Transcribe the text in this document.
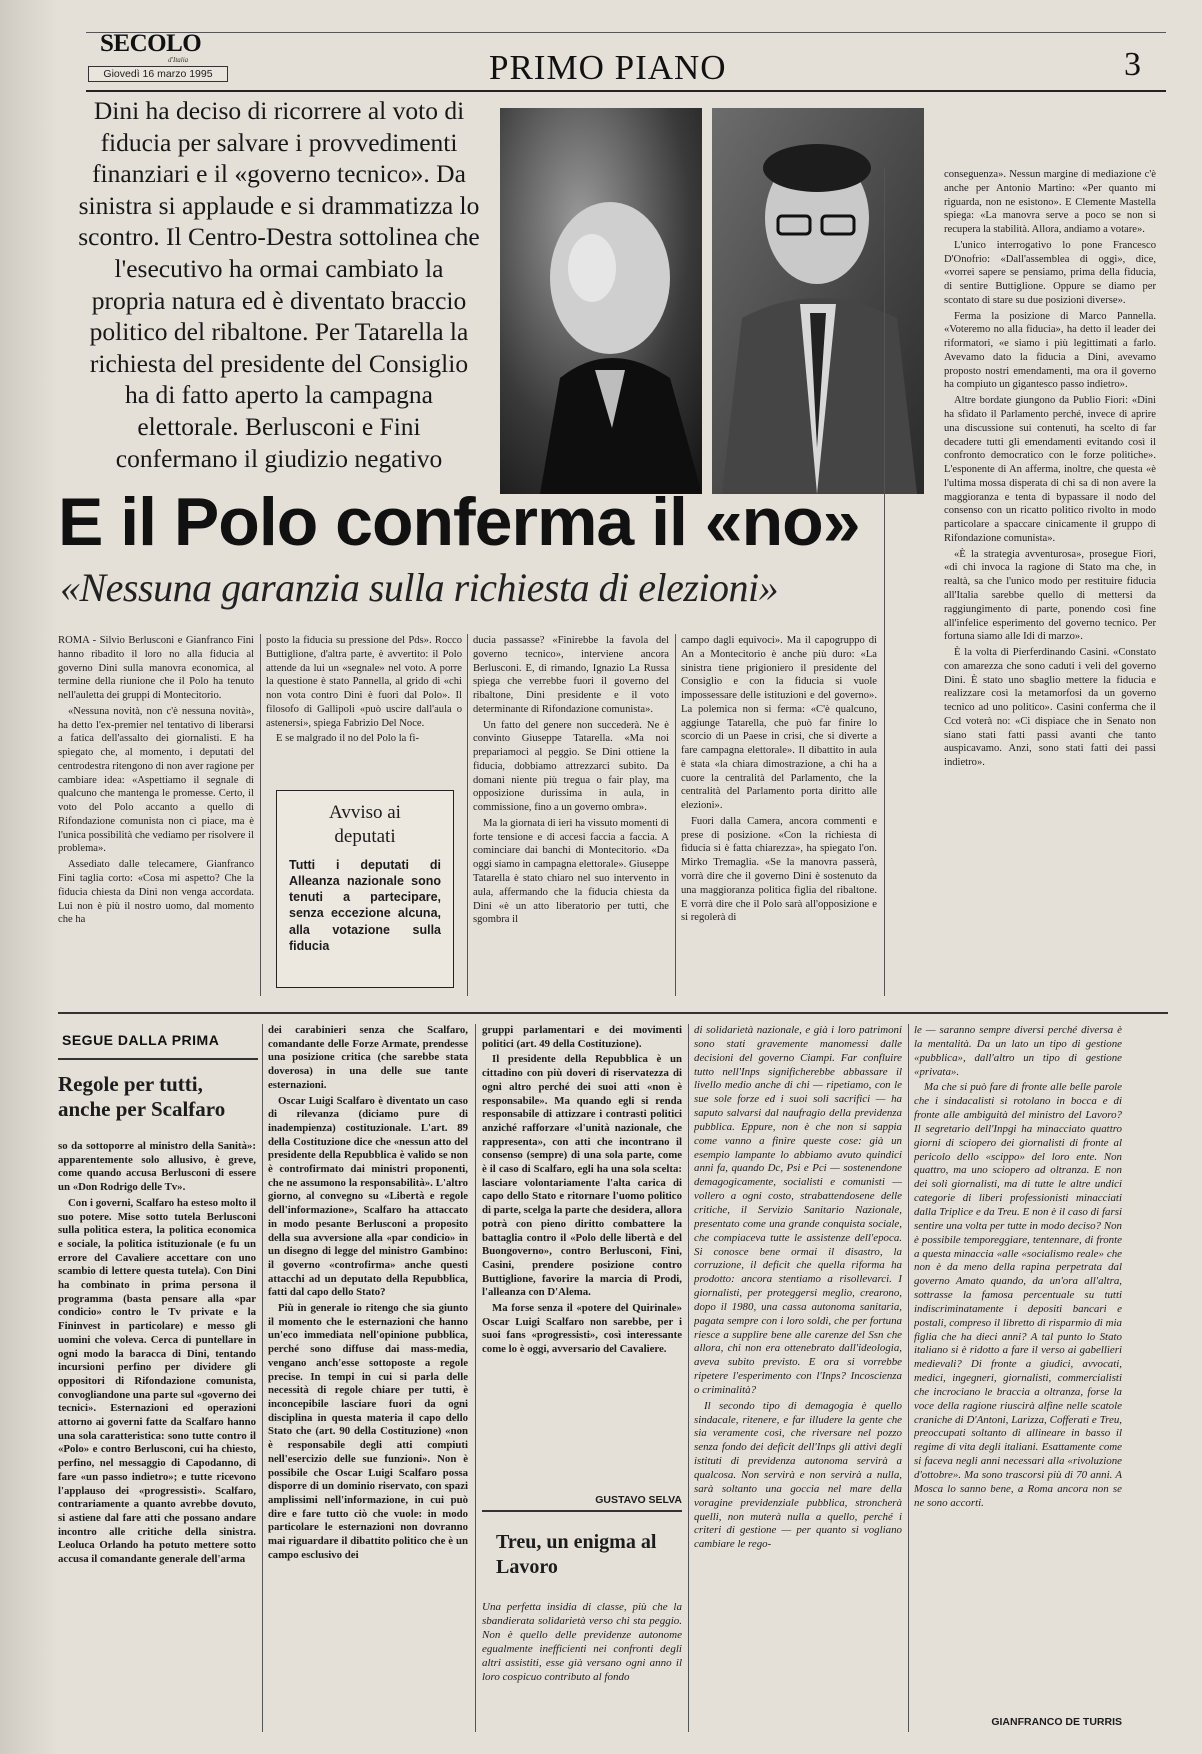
SECOLO
d'Italia
Giovedì 16 marzo 1995	PRIMO PIANO	3
Dini ha deciso di ricorrere al voto di fiducia per salvare i provvedimenti finanziari e il «governo tecnico». Da sinistra si applaude e si drammatizza lo scontro. Il Centro-Destra sottolinea che l'esecutivo ha ormai cambiato la propria natura ed è diventato braccio politico del ribaltone. Per Tatarella la richiesta del presidente del Consiglio ha di fatto aperto la campagna elettorale. Berlusconi e Fini confermano il giudizio negativo
E il Polo conferma il «no»
«Nessuna garanzia sulla richiesta di elezioni»

ROMA - Silvio Berlusconi e Gianfranco Fini hanno ribadito il loro no alla fiducia al governo Dini sulla manovra economica, al termine della riunione che il Polo ha tenuto nell'auletta dei gruppi di Montecitorio.

«Nessuna novità, non c'è nessuna novità», ha detto l'ex-premier nel tentativo di liberarsi a fatica dell'assalto dei giornalisti. E ha spiegato che, al momento, i deputati del centrodestra ritengono di non aver ragione per cambiare idea: «Aspettiamo il segnale di qualcuno che mantenga le promesse. Certo, il voto del Polo accanto a quello di Rifondazione comunista non ci piace, ma è l'unica possibilità che vediamo per risolvere il problema».

Assediato dalle telecamere, Gianfranco Fini taglia corto: «Cosa mi aspetto? Che la fiducia chiesta da Dini non venga accordata. Lui non è più il nostro uomo, dal momento che ha

posto la fiducia su pressione del Pds». Rocco Buttiglione, d'altra parte, è avvertito: il Polo attende da lui un «segnale» nel voto. A porre la questione è stato Pannella, al grido di «chi non vota contro Dini è fuori dal Polo». Il filosofo di Gallipoli «può uscire dall'aula o astenersi», spiega Fabrizio Del Noce.

E se malgrado il no del Polo la fi-

Avviso ai deputati
Tutti i deputati di Alleanza nazionale sono tenuti a partecipare, senza eccezione alcuna, alla votazione sulla fiducia

ducia passasse? «Finirebbe la favola del governo tecnico», interviene ancora Berlusconi. E, di rimando, Ignazio La Russa spiega che verrebbe fuori il governo del ribaltone, Dini presidente e il voto determinante di Rifondazione comunista».

Un fatto del genere non succederà. Ne è convinto Giuseppe Tatarella. «Ma noi prepariamoci al peggio. Se Dini ottiene la fiducia, dobbiamo attrezzarci subito. Da domani niente più tregua o fair play, ma opposizione durissima in aula, in commissione, fino a un governo ombra».

Ma la giornata di ieri ha vissuto momenti di forte tensione e di accesi faccia a faccia. A cominciare dai banchi di Montecitorio. «Da oggi siamo in campagna elettorale». Giuseppe Tatarella è stato chiaro nel suo intervento in aula, affermando che la fiducia chiesta da Dini «è un atto liberatorio per tutti, che sgombra il

campo dagli equivoci». Ma il capogruppo di An a Montecitorio è anche più duro: «La sinistra tiene prigioniero il presidente del Consiglio e con la fiducia si vuole impossessare delle istituzioni e del governo». La polemica non si ferma: «C'è qualcuno, aggiunge Tatarella, che può far finire lo scorcio di un Paese in crisi, che si diverte a fare campagna elettorale». Il dibattito in aula è stata «la chiara dimostrazione, a chi ha a cuore la centralità del Parlamento, che la centralità del Parlamento porta diritto alle elezioni».

Fuori dalla Camera, ancora commenti e prese di posizione. «Con la richiesta di fiducia si è fatta chiarezza», ha spiegato l'on. Mirko Tremaglia. «Se la manovra passerà, vorrà dire che il governo Dini è sostenuto da una maggioranza politica figlia del ribaltone. E vorrà dire che il Polo sarà all'opposizione e si regolerà di

conseguenza». Nessun margine di mediazione c'è anche per Antonio Martino: «Per quanto mi riguarda, non ne esistono». E Clemente Mastella spiega: «La manovra serve a poco se non si recupera la stabilità. Allora, andiamo a votare».

L'unico interrogativo lo pone Francesco D'Onofrio: «Dall'assemblea di oggi», dice, «vorrei sapere se pensiamo, prima della fiducia, di sentire Buttiglione. Oppure se diamo per scontato di stare su due posizioni diverse».

Ferma la posizione di Marco Pannella. «Voteremo no alla fiducia», ha detto il leader dei riformatori, «e siamo i più legittimati a farlo. Avevamo dato la fiducia a Dini, avevamo proposto nostri emendamenti, ma ora il governo ha compiuto un gigantesco passo indietro».

Altre bordate giungono da Publio Fiori: «Dini ha sfidato il Parlamento perché, invece di aprire una discussione sui contenuti, ha scelto di far decadere tutti gli emendamenti evitando così il confronto democratico con le forze politiche». L'esponente di An afferma, inoltre, che questa «è l'ultima mossa disperata di chi sa di non avere la maggioranza e tenta di bypassare il nodo del consenso con un ricatto politico rivolto in modo particolare a spaccare cinicamente il gruppo di Rifondazione comunista».

«È la strategia avventurosa», prosegue Fiori, «di chi invoca la ragione di Stato ma che, in realtà, sa che l'unico modo per restituire fiducia all'Italia sarebbe quello di mettersi da raggiungimento di parte, ponendo così fine all'infelice esperimento del governo tecnico. Per fortuna siamo alle Idi di marzo».

È la volta di Pierferdinando Casini. «Constato con amarezza che sono caduti i veli del governo Dini. È stato uno sbaglio mettere la fiducia e realizzare così la metamorfosi da un governo tecnico ad uno politico». Casini conferma che il Ccd voterà no: «Ci dispiace che in Senato non siano stati fatti passi avanti che tanto auspicavamo. Anzi, sono stati fatti dei passi indietro».

SEGUE DALLA PRIMA
Regole per tutti, anche per Scalfaro

so da sottoporre al ministro della Sanità»: apparentemente solo allusivo, è greve, come quando accusa Berlusconi di essere un «Don Rodrigo delle Tv».

Con i governi, Scalfaro ha esteso molto il suo potere. Mise sotto tutela Berlusconi sulla politica estera, la politica economica e sociale, la politica istituzionale (e fu un errore del Cavaliere accettare con uno scambio di lettere questa tutela). Con Dini ha combinato in prima persona il programma (basta pensare alla «par condicio» contro le Tv private e la Fininvest in particolare) e messo gli uomini che volevа. Cerca di puntellare in ogni modo la baracca di Dini, tentando incursioni perfino per dividere gli oppositori di Rifondazione comunista, convogliandone una parte sul «governo dei tecnici». Esternazioni ed operazioni attorno ai governi fatte da Scalfaro hanno una sola caratteristica: sono tutte contro il «Polo» e contro Berlusconi, cui ha chiesto, perfino, nel messaggio di Capodanno, di fare «un passo indietro»; e tutte ricevono l'applauso dei «progressisti». Scalfaro, contrariamente a quanto avrebbe dovuto, si astiene dal fare atti che possano andare incontro alle critiche della sinistra. Leoluca Orlando ha potuto mettere sotto accusa il comandante generale dell'arma

dei carabinieri senza che Scalfaro, comandante delle Forze Armate, prendesse una posizione critica (che sarebbe stata doverosa) in una delle sue tante esternazioni.

Oscar Luigi Scalfaro è diventato un caso di rilevanza (diciamo pure di inadempienza) costituzionale. L'art. 89 della Costituzione dice che «nessun atto del presidente della Repubblica è valido se non è controfirmato dai ministri proponenti, che ne assumono la responsabilità». L'altro giorno, al convegno su «Libertà e regole dell'informazione», Scalfaro ha attaccato in modo pesante Berlusconi a proposito della sua avversione alla «par condicio» in un disegno di legge del ministro Gambino: il governo «controfirma» anche questi attacchi ad un deputato della Repubblica, fatti dal capo dello Stato?

Più in generale io ritengo che sia giunto il momento che le esternazioni che hanno un'eco immediata nell'opinione pubblica, perché sono diffuse dai mass-media, vengano anch'esse sottoposte a regole precise. In tempi in cui si parla delle necessità di regole chiare per tutti, è inconcepibile lasciare fuori da ogni disciplina in questa materia il capo dello Stato che (art. 90 della Costituzione) «non è responsabile degli atti compiuti nell'esercizio delle sue funzioni». Non è possibile che Oscar Luigi Scalfaro possa disporre di un dominio riservato, con spazi amplissimi nell'informazione, in cui può dire e fare tutto ciò che vuole: in modo particolare le esternazioni non dovrannо mai riguardare il dibattito politico che è un campo esclusivo dei

gruppi parlamentari e dei movimenti politici (art. 49 della Costituzione).

Il presidente della Repubblica è un cittadino con più doveri di riservatezza di ogni altro perché dei suoi atti «non è responsabile». Ma quando egli si renda responsabile di attizzare i contrasti politici anziché rafforzare «l'unità nazionale, che rappresenta», con atti che incontrano il consenso (sempre) di una sola parte, come è il caso di Scalfaro, egli ha una sola scelta: lasciare volontariamente l'alta carica di capo dello Stato e ritornare l'uomo politico di parte, scelga la parte che desidera, allora potrà con pieno diritto combattere la battaglia contro il «Polo delle libertà e del Buongoverno», contro Berlusconi, Fini, Casini, prendere posizione contro Buttiglione, favorire la marcia di Prodi, l'alleanza con D'Alema.

Ma forse senza il «potere del Quirinale» Oscar Luigi Scalfaro non sarebbe, per i suoi fans «progressisti», così interessante come lo è oggi, avversario del Cavaliere.

GUSTAVO SELVA
Treu, un enigma al Lavoro

Una perfetta insidia di classe, più che la sbandierata solidarietà verso chi sta peggio. Non è quello delle previdenze autonome egualmente inefficienti nei confronti degli altri assistiti, esse già versano ogni anno il loro cospicuo contributo al fondo

di solidarietà nazionale, e già i loro patrimoni sono stati gravemente manomessi dalle decisioni del governo Ciampi. Far confluire tutto nell'Inps significherebbe abbassare il livello medio anche di chi — ripetiamo, con le sue sole forze ed i suoi soli sacrifici — ha saputo salvarsi dal naufragio della previdenza pubblica. Eppure, non è che non si sappia come vanno a finire queste cose: già un esempio lampante lo abbiamo avuto quindici anni fa, quando Dc, Psi e Pci — sostenendone demagogicamente, socialisti e comunisti — vollero a ogni costo, strabattendosene delle critiche, il Servizio Sanitario Nazionale, presentato come una grande conquista sociale, che compiaceva tutte le assistenze dell'epoca. Si conosce bene ormai il disastro, la corruzione, il deficit che quella riforma ha prodotto: ancora stentiamo a risollevarci. I giornalisti, per proteggersi meglio, crearono, dopo il 1980, una cassa autonoma sanitaria, pagata sempre con i loro soldi, che per fortuna riesce a supplire bene alle carenze del Ssn che allora, chi non era ottenebrato dall'ideologia, aveva subito previsto. E ora si vorrebbe ripetere l'esperimento con l'Inps? Incoscienza o criminalità?

Il secondo tipo di demagogia è quello sindacale, ritenere, e far illudere la gente che sia veramente così, che riversare nel pozzo senza fondo dei deficit dell'Inps gli attivi degli istituti di previdenza autonoma servirà a qualcosa. Non servirà e non servirà a nulla, sarà soltanto una goccia nel mare della voragine previdenziale pubblica, stroncherà quelli, non muterà nulla a quello, perché i criteri di gestione — per quanto si vogliano cambiare le rego-

le — saranno sempre diversi perché diversa è la mentalità. Da un lato un tipo di gestione «pubblica», dall'altro un tipo di gestione «privata».

Ma che si può fare di fronte alle belle parole che i sindacalisti si rotolano in bocca e di fronte alle ambiguità del ministro del Lavoro? Il segretario dell'Inpgi ha minacciato quattro giorni di sciopero dei giornalisti di fronte al pericolo dello «scippo» del loro ente. Non quattro, ma uno sciopero ad oltranza. E non dei soli giornalisti, ma di tutte le altre undici categorie di liberi professionisti minacciati dalla Triplice e da Treu. E non è il caso di farsi sentire una volta per tutte in modo deciso? Non è possibile temporeggiare, tentennare, di fronte a questa minaccia «alle «socialismo reale» che non è da meno della rapina perpetrata dal governo Amato quando, da un'ora all'altra, sottrasse la famosa percentuale su tutti indiscriminatamente i depositi bancari e postali, compreso il libretto di risparmio di mia figlia che ha dieci anni? A tal punto lo Stato italiano si è ridotto a fare il verso ai gabellieri medievali? Di fronte a giudici, avvocati, medici, ingegneri, giornalisti, commercialisti che incrociano le braccia a oltranza, forse la voce della ragione riuscirà alfine nelle scatole craniche di D'Antoni, Larizza, Cofferati e Treu, preoccupati soltanto di allineare in basso il regime di vita degli italiani. Esattamente come si faceva negli anni necessari alla «rivoluzione d'ottobre». Ma sono trascorsi più di 70 anni. A Mosca lo sanno bene, a Roma ancora non se ne sono accorti.

GIANFRANCO DE TURRIS
